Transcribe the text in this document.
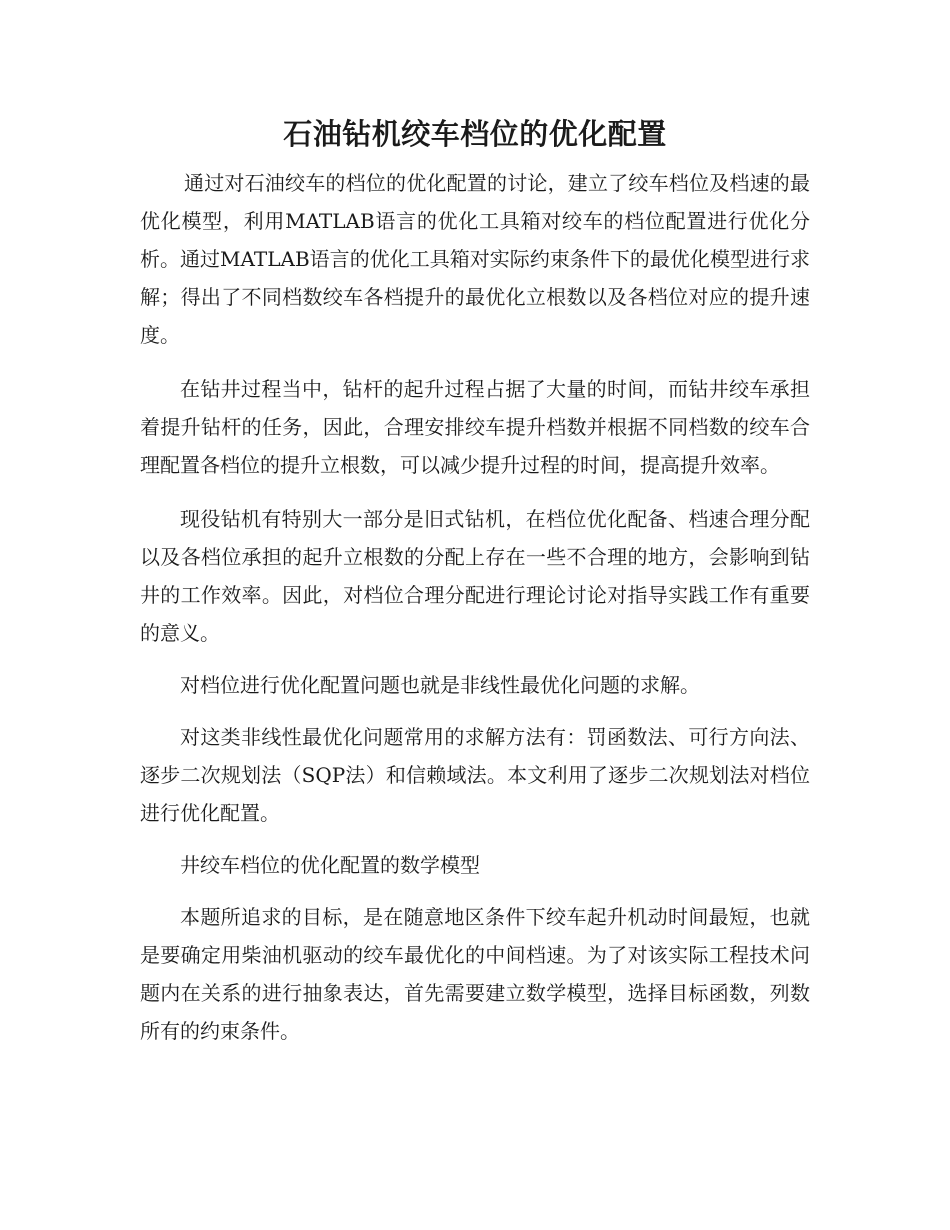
石油钻机绞车档位的优化配置

通过对石油绞车的档位的优化配置的讨论，建立了绞车档位及档速的最优化模型，利用MATLAB语言的优化工具箱对绞车的档位配置进行优化分析。通过MATLAB语言的优化工具箱对实际约束条件下的最优化模型进行求解；得出了不同档数绞车各档提升的最优化立根数以及各档位对应的提升速度。

在钻井过程当中，钻杆的起升过程占据了大量的时间，而钻井绞车承担着提升钻杆的任务，因此，合理安排绞车提升档数并根据不同档数的绞车合理配置各档位的提升立根数，可以减少提升过程的时间，提高提升效率。

现役钻机有特别大一部分是旧式钻机，在档位优化配备、档速合理分配以及各档位承担的起升立根数的分配上存在一些不合理的地方，会影响到钻井的工作效率。因此，对档位合理分配进行理论讨论对指导实践工作有重要的意义。

对档位进行优化配置问题也就是非线性最优化问题的求解。

对这类非线性最优化问题常用的求解方法有：罚函数法、可行方向法、逐步二次规划法（SQP法）和信赖域法。本文利用了逐步二次规划法对档位进行优化配置。

井绞车档位的优化配置的数学模型

本题所追求的目标，是在随意地区条件下绞车起升机动时间最短，也就是要确定用柴油机驱动的绞车最优化的中间档速。为了对该实际工程技术问题内在关系的进行抽象表达，首先需要建立数学模型，选择目标函数，列数所有的约束条件。
